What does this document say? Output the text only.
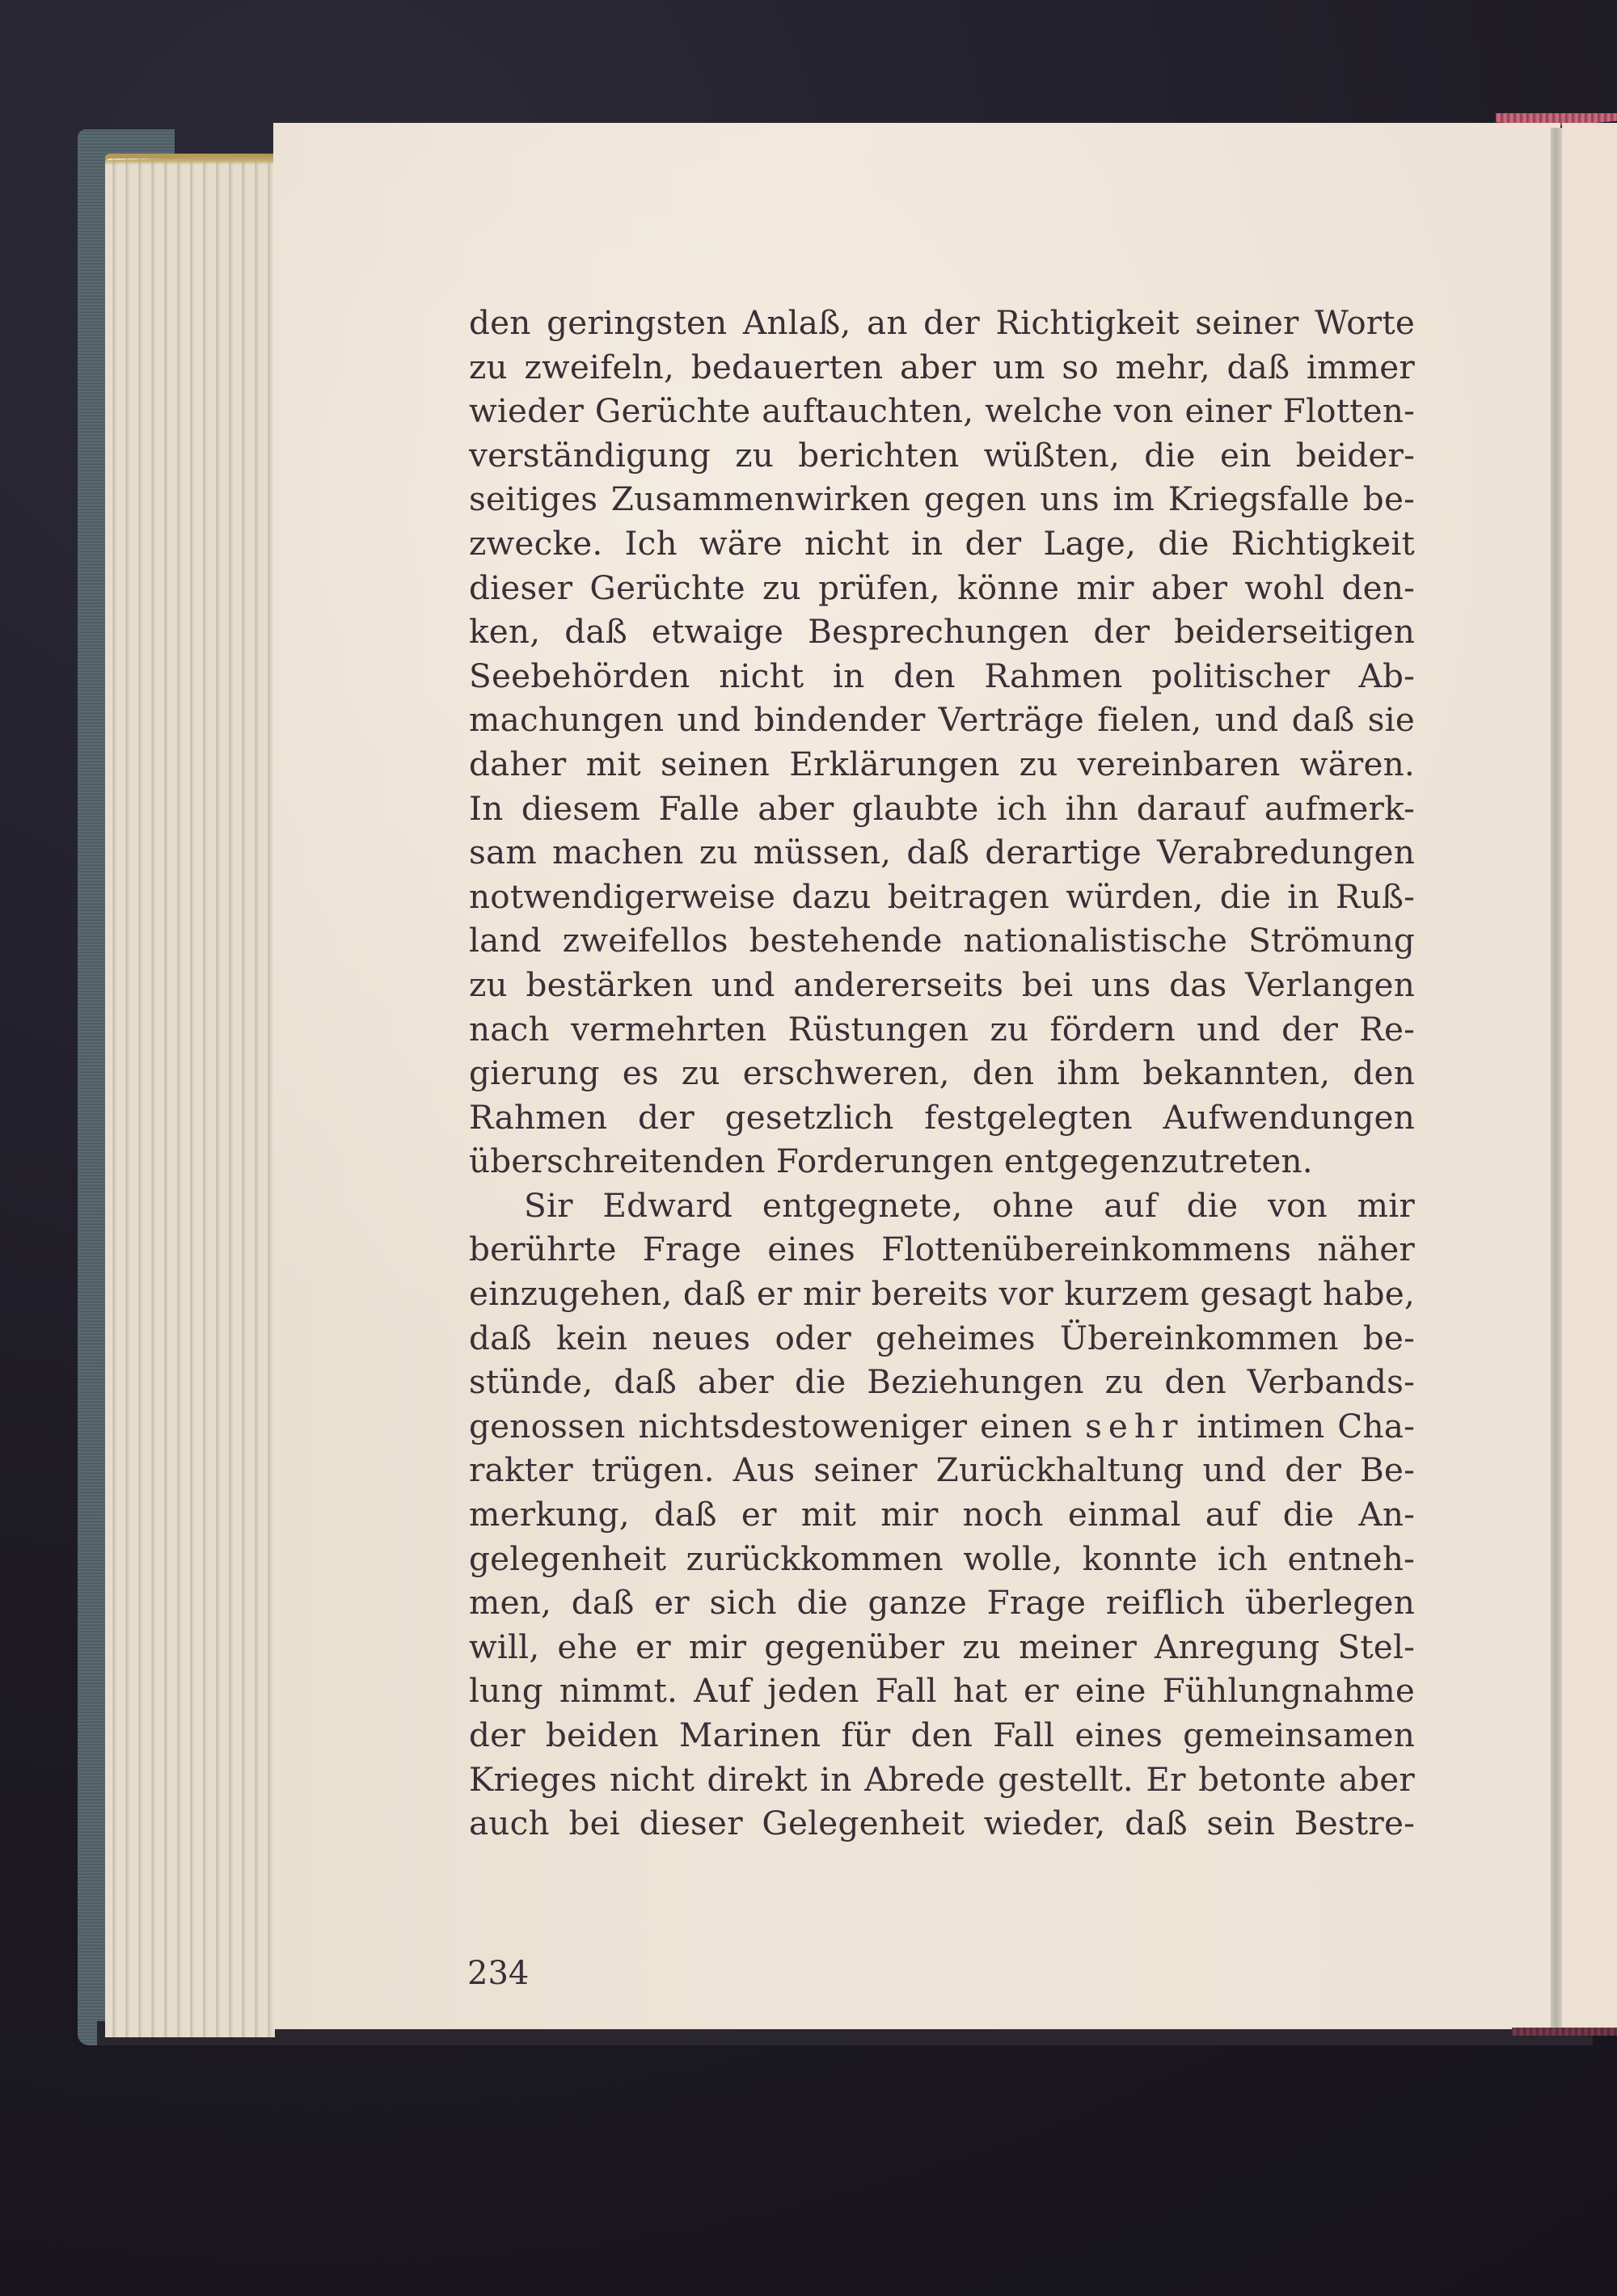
den geringsten Anlaß, an der Richtigkeit seiner Worte
zu zweifeln, bedauerten aber um so mehr, daß immer
wieder Gerüchte auftauchten, welche von einer Flotten-
verständigung zu berichten wüßten, die ein beider-
seitiges Zusammenwirken gegen uns im Kriegsfalle be-
zwecke. Ich wäre nicht in der Lage, die Richtigkeit
dieser Gerüchte zu prüfen, könne mir aber wohl den-
ken, daß etwaige Besprechungen der beiderseitigen
Seebehörden nicht in den Rahmen politischer Ab-
machungen und bindender Verträge fielen, und daß sie
daher mit seinen Erklärungen zu vereinbaren wären.
In diesem Falle aber glaubte ich ihn darauf aufmerk-
sam machen zu müssen, daß derartige Verabredungen
notwendigerweise dazu beitragen würden, die in Ruß-
land zweifellos bestehende nationalistische Strömung
zu bestärken und andererseits bei uns das Verlangen
nach vermehrten Rüstungen zu fördern und der Re-
gierung es zu erschweren, den ihm bekannten, den
Rahmen der gesetzlich festgelegten Aufwendungen
überschreitenden Forderungen entgegenzutreten.
Sir Edward entgegnete, ohne auf die von mir
berührte Frage eines Flottenübereinkommens näher
einzugehen, daß er mir bereits vor kurzem gesagt habe,
daß kein neues oder geheimes Übereinkommen be-
stünde, daß aber die Beziehungen zu den Verbands-
genossen nichtsdestoweniger einen sehr intimen Cha-
rakter trügen. Aus seiner Zurückhaltung und der Be-
merkung, daß er mit mir noch einmal auf die An-
gelegenheit zurückkommen wolle, konnte ich entneh-
men, daß er sich die ganze Frage reiflich überlegen
will, ehe er mir gegenüber zu meiner Anregung Stel-
lung nimmt. Auf jeden Fall hat er eine Fühlungnahme
der beiden Marinen für den Fall eines gemeinsamen
Krieges nicht direkt in Abrede gestellt. Er betonte aber
auch bei dieser Gelegenheit wieder, daß sein Bestre-
234
